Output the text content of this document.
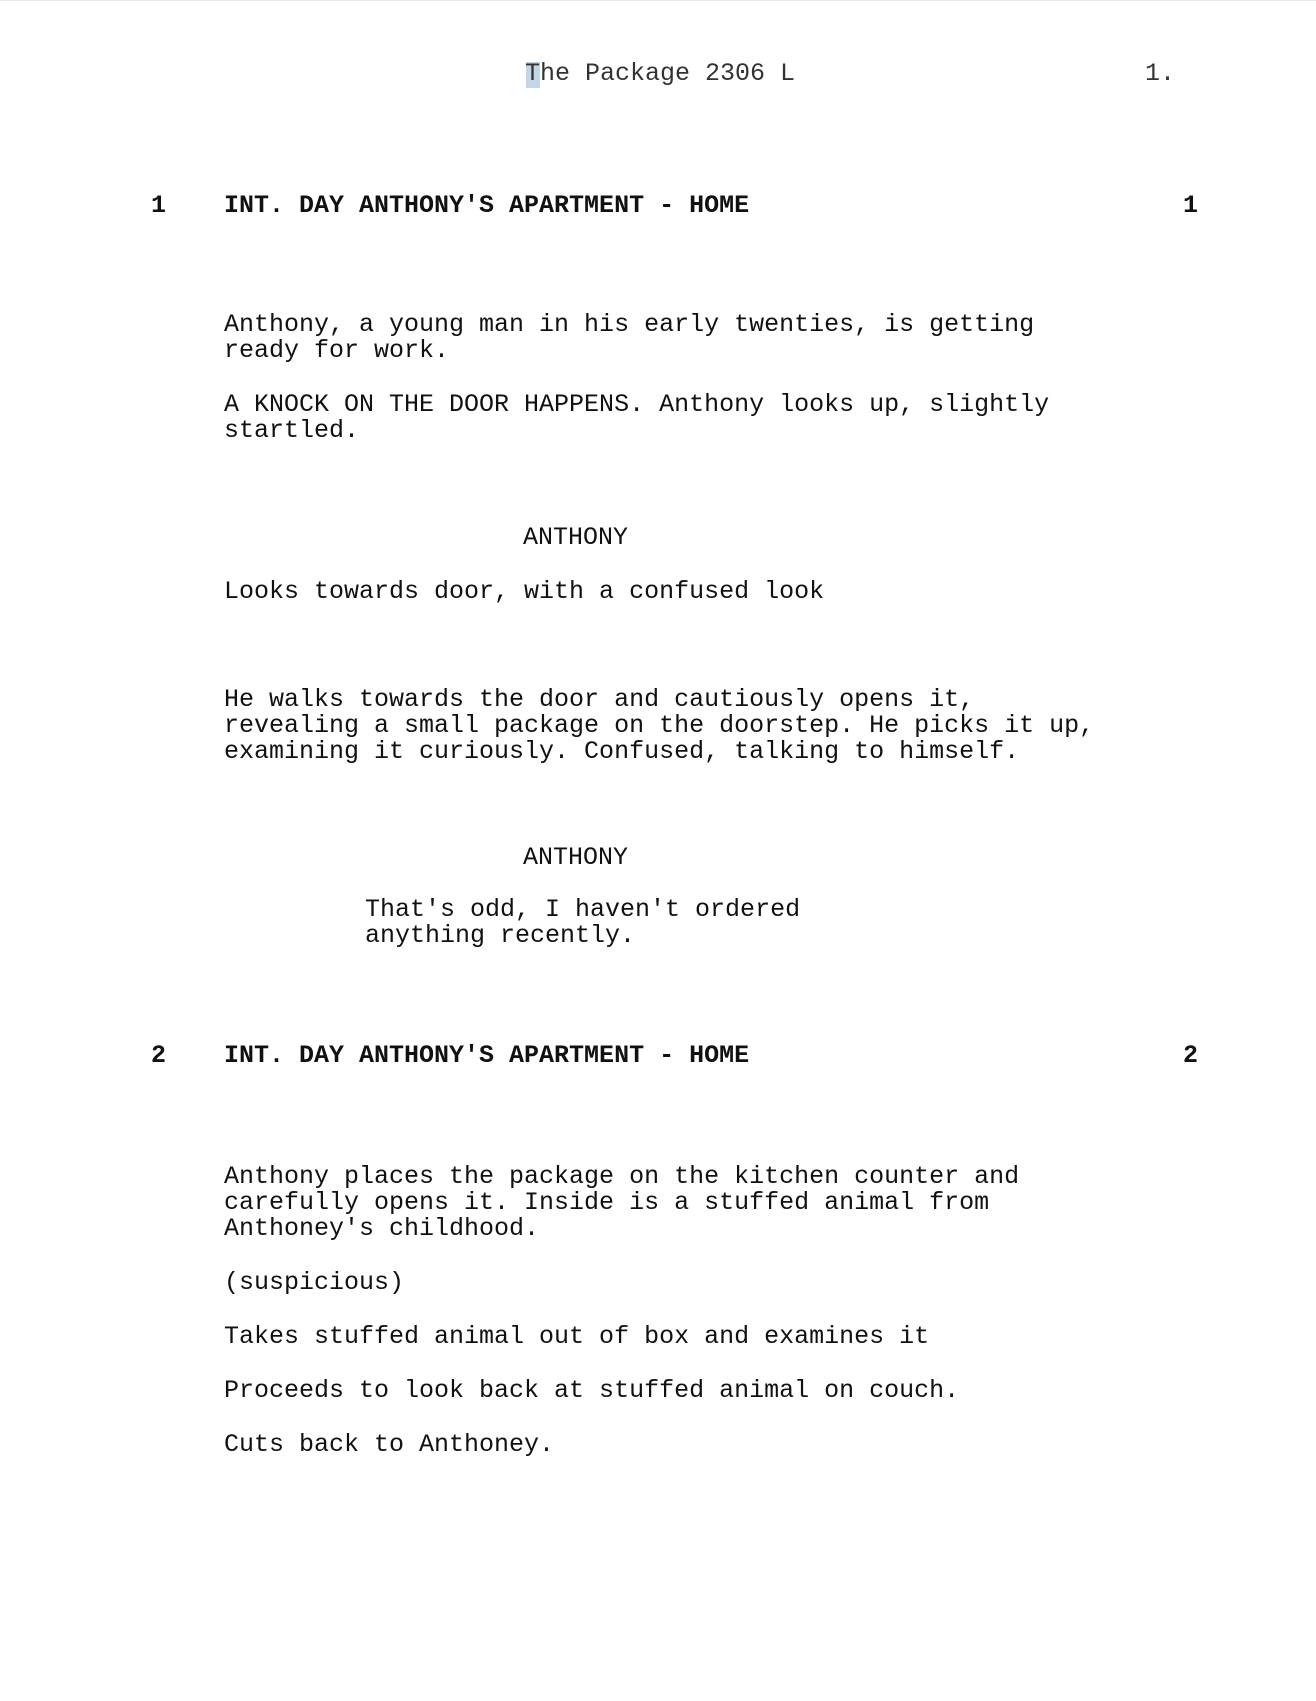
The Package 2306 L	1.

1 INT. DAY ANTHONY'S APARTMENT - HOME	1

Anthony, a young man in his early twenties, is getting
ready for work.

A KNOCK ON THE DOOR HAPPENS. Anthony looks up, slightly
startled.

ANTHONY

Looks towards door, with a confused look

He walks towards the door and cautiously opens it,
revealing a small package on the doorstep. He picks it up,
examining it curiously. Confused, talking to himself.

ANTHONY

That's odd, I haven't ordered
anything recently.

2 INT. DAY ANTHONY'S APARTMENT - HOME	2

Anthony places the package on the kitchen counter and
carefully opens it. Inside is a stuffed animal from
Anthoney's childhood.

(suspicious)

Takes stuffed animal out of box and examines it

Proceeds to look back at stuffed animal on couch.

Cuts back to Anthoney.
